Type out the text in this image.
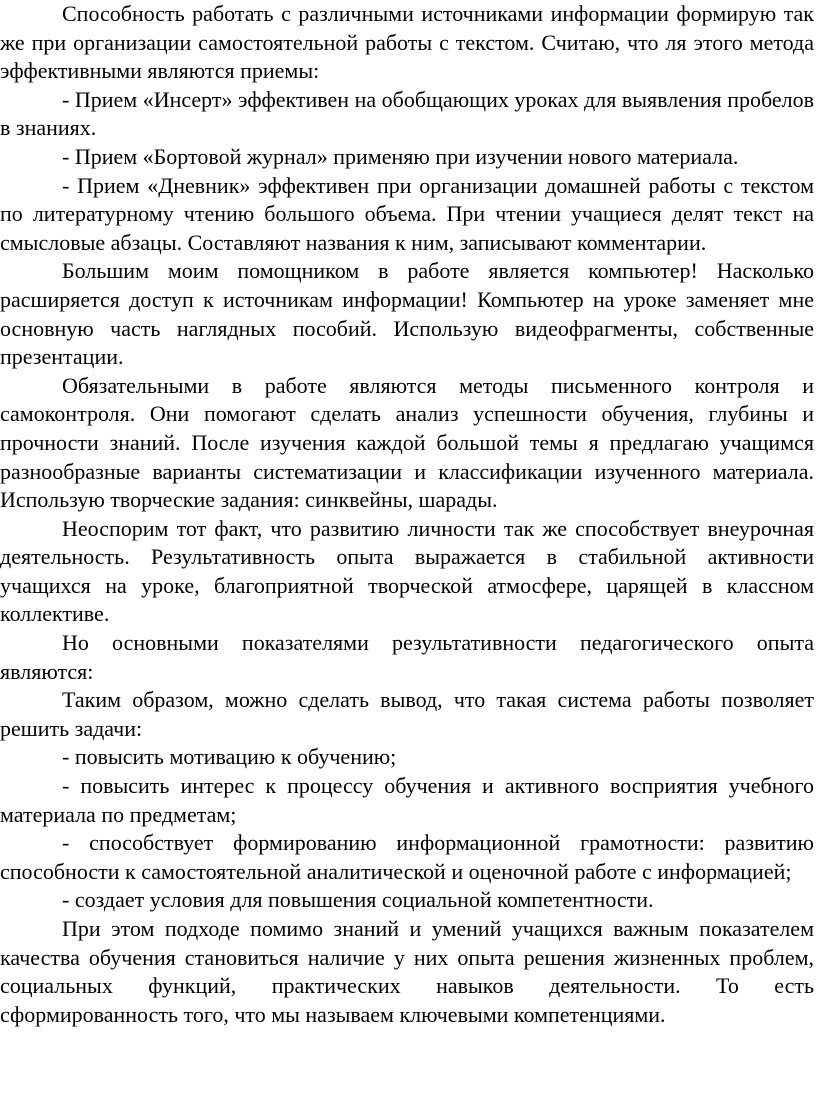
Способность работать с различными источниками информации формирую так же при организации самостоятельной работы с текстом. Считаю, что ля этого метода эффективными являются приемы:

- Прием «Инсерт» эффективен на обобщающих уроках для выявления пробелов в знаниях.

- Прием «Бортовой журнал» применяю при изучении нового материала.

- Прием «Дневник» эффективен при организации домашней работы с текстом по литературному чтению большого объема. При чтении учащиеся делят текст на смысловые абзацы. Составляют названия к ним, записывают комментарии.

Большим моим помощником в работе является компьютер! Насколько расширяется доступ к источникам информации! Компьютер на уроке заменяет мне основную часть наглядных пособий. Использую видеофрагменты, собственные презентации.

Обязательными в работе являются методы письменного контроля и самоконтроля. Они помогают сделать анализ успешности обучения, глубины и прочности знаний. После изучения каждой большой темы я предлагаю учащимся разнообразные варианты систематизации и классификации изученного материала. Использую творческие задания: синквейны, шарады.

Неоспорим тот факт, что развитию личности так же способствует внеурочная деятельность. Результативность опыта выражается в стабильной активности учащихся на уроке, благоприятной творческой атмосфере, царящей в классном коллективе.

Но основными показателями результативности педагогического опыта являются:

Таким образом, можно сделать вывод, что такая система работы позволяет решить задачи:

- повысить мотивацию к обучению;

- повысить интерес к процессу обучения и активного восприятия учебного материала по предметам;

- способствует формированию информационной грамотности: развитию способности к самостоятельной аналитической и оценочной работе с информацией;

- создает условия для повышения социальной компетентности.

При этом подходе помимо знаний и умений учащихся важным показателем качества обучения становиться наличие у них опыта решения жизненных проблем, социальных функций, практических навыков деятельности. То есть сформированность того, что мы называем ключевыми компетенциями.
